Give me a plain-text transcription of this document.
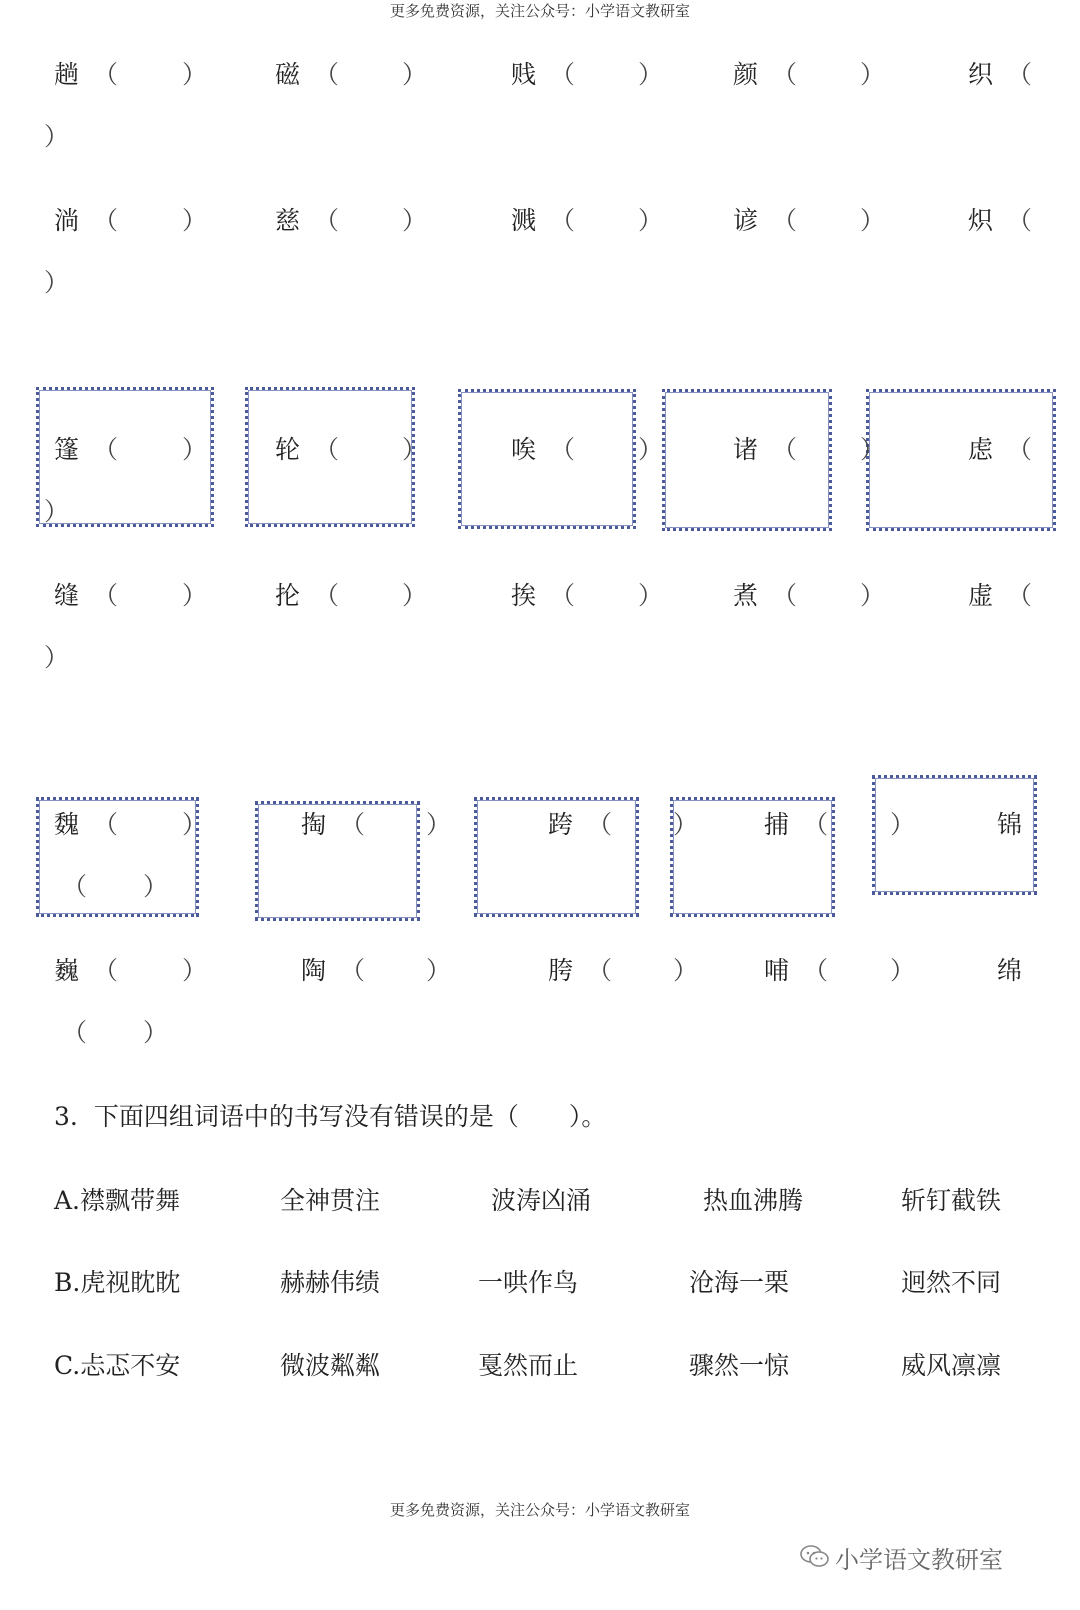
更多免费资源，关注公众号：小学语文教研室
更多免费资源，关注公众号：小学语文教研室
趟 （	）	磁 （	）	贱 （	）	颜 （	）	织 （
）
淌 （	）	慈 （	）	溅 （	）	谚 （	）	炽 （
）
篷 （	）	轮 （	）	唉 （	）	诸 （	）	虑 （
）
缝 （	）	抡 （	）	挨 （	）	煮 （	）	虚 （
）
魏 （	）	掏 （ ）	跨 （ ）	捕 （ ）	锦
（ ）
巍 （	）	陶 （ ）	胯 （ ）	哺 （ ）	绵
（ ）
3. 下面四组词语中的书写没有错误的是（　　）。
A.襟飘带舞	全神贯注	波涛凶涌	热血沸腾	斩钉截铁
B.虎视眈眈	赫赫伟绩	一哄作鸟	沧海一栗	迥然不同
C.忐忑不安	微波粼粼	戛然而止	骤然一惊	威风凛凛
小学语文教研室
